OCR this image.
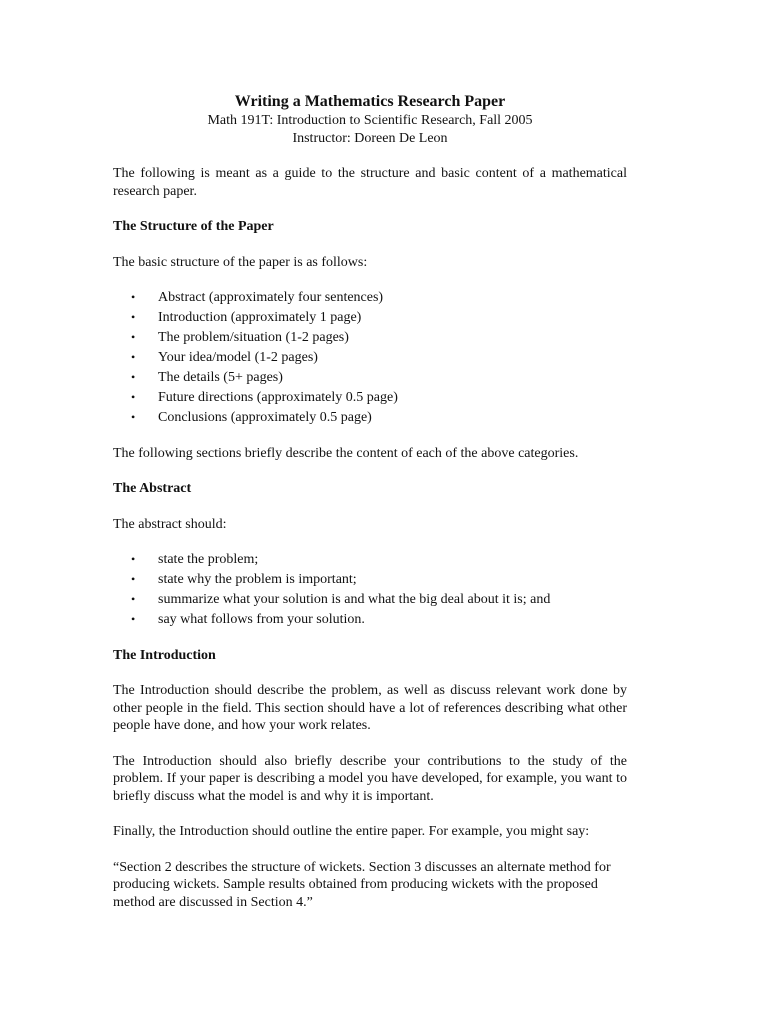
Writing a Mathematics Research Paper
Math 191T: Introduction to Scientific Research, Fall 2005
Instructor: Doreen De Leon

The following is meant as a guide to the structure and basic content of a mathematical research paper.

The Structure of the Paper

The basic structure of the paper is as follows:

• Abstract (approximately four sentences)
• Introduction (approximately 1 page)
• The problem/situation (1-2 pages)
• Your idea/model (1-2 pages)
• The details (5+ pages)
• Future directions (approximately 0.5 page)
• Conclusions (approximately 0.5 page)

The following sections briefly describe the content of each of the above categories.

The Abstract

The abstract should:

• state the problem;
• state why the problem is important;
• summarize what your solution is and what the big deal about it is; and
• say what follows from your solution.
The Introduction

The Introduction should describe the problem, as well as discuss relevant work done by other people in the field. This section should have a lot of references describing what other people have done, and how your work relates.

The Introduction should also briefly describe your contributions to the study of the problem. If your paper is describing a model you have developed, for example, you want to briefly discuss what the model is and why it is important.

Finally, the Introduction should outline the entire paper. For example, you might say:

“Section 2 describes the structure of wickets. Section 3 discusses an alternate method for producing wickets. Sample results obtained from producing wickets with the proposed method are discussed in Section 4.”
